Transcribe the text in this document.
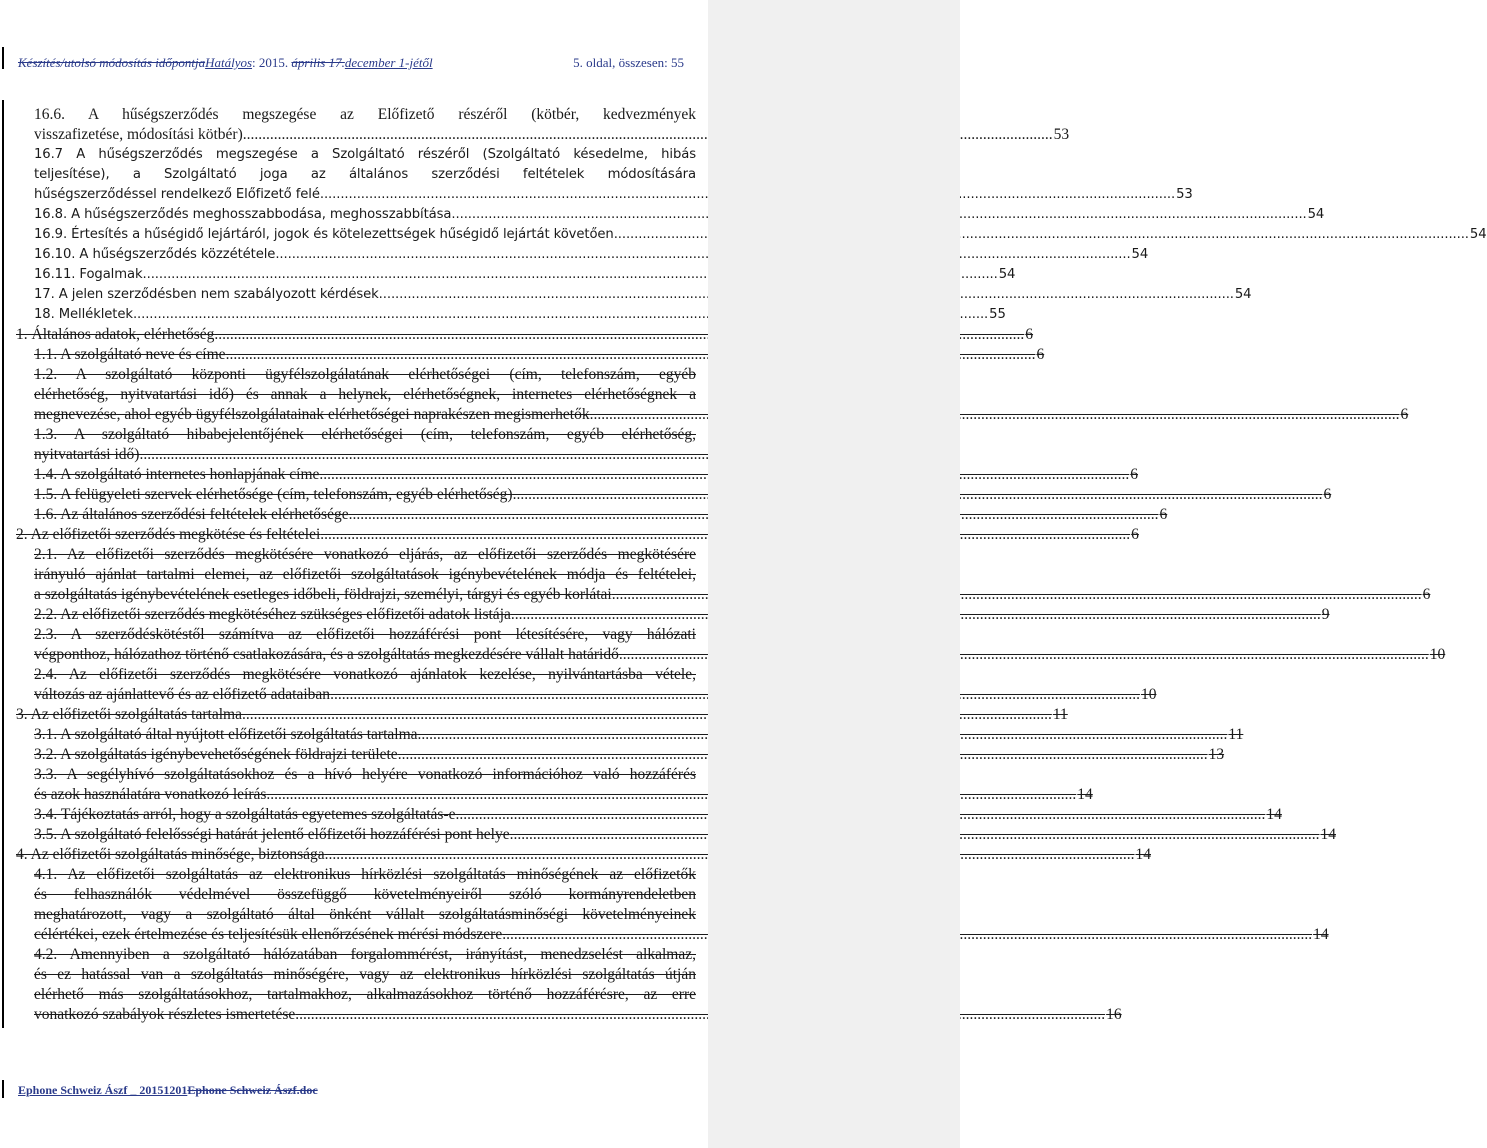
Készítés/utolsó módosítás időpontjaHatályos: 2015. április 17.december 1-jétől	5. oldal, összesen: 55
16.6. A hűségszerződés megszegése az Előfizető részéről (kötbér, kedvezmények
visszafizetése, módosítási kötbér) .....	53
16.7 A hűségszerződés megszegése a Szolgáltató részéről (Szolgáltató késedelme, hibás
teljesítése), a Szolgáltató joga az általános szerződési feltételek módosítására
hűségszerződéssel rendelkező Előfizető felé .....	53
16.8. A hűségszerződés meghosszabbodása, meghosszabbítása .....	54
16.9. Értesítés a hűségidő lejártáról, jogok és kötelezettségek hűségidő lejártát követően .....	54
16.10. A hűségszerződés közzététele .....	54
16.11. Fogalmak .....	54
17. A jelen szerződésben nem szabályozott kérdések .....	54
18. Mellékletek .....	55
1. Általános adatok, elérhetőség .....	6
1.1. A szolgáltató neve és címe .....	6
1.2. A szolgáltató központi ügyfélszolgálatának elérhetőségei (cím, telefonszám, egyéb
elérhetőség, nyitvatartási idő) és annak a helynek, elérhetőségnek, internetes elérhetőségnek a
megnevezése, ahol egyéb ügyfélszolgálatainak elérhetőségei naprakészen megismerhetők .....	6
1.3. A szolgáltató hibabejelentőjének elérhetőségei (cím, telefonszám, egyéb elérhetőség,
nyitvatartási idő)
.....
1.4. A szolgáltató internetes honlapjának címe .....	6
1.5. A felügyeleti szervek elérhetősége (cím, telefonszám, egyéb elérhetőség) .....	6
1.6. Az általános szerződési feltételek elérhetősége .....	6
2. Az előfizetői szerződés megkötése és feltételei .....	6
2.1. Az előfizetői szerződés megkötésére vonatkozó eljárás, az előfizetői szerződés megkötésére
irányuló ajánlat tartalmi elemei, az előfizetői szolgáltatások igénybevételének módja és feltételei,
a szolgáltatás igénybevételének esetleges időbeli, földrajzi, személyi, tárgyi és egyéb korlátai .....	6
2.2. Az előfizetői szerződés megkötéséhez szükséges előfizetői adatok listája .....	9
2.3. A szerződéskötéstől számítva az előfizetői hozzáférési pont létesítésére, vagy hálózati
végponthoz, hálózathoz történő csatlakozására, és a szolgáltatás megkezdésére vállalt határidő .....	10
2.4. Az előfizetői szerződés megkötésére vonatkozó ajánlatok kezelése, nyilvántartásba vétele,
változás az ajánlattevő és az előfizető adataiban .....	10
3. Az előfizetői szolgáltatás tartalma .....	11
3.1. A szolgáltató által nyújtott előfizetői szolgáltatás tartalma .....	11
3.2. A szolgáltatás igénybevehetőségének földrajzi területe .....	13
3.3. A segélyhívó szolgáltatásokhoz és a hívó helyére vonatkozó információhoz való hozzáférés
és azok használatára vonatkozó leírás .....	14
3.4. Tájékoztatás arról, hogy a szolgáltatás egyetemes szolgáltatás-e .....	14
3.5. A szolgáltató felelősségi határát jelentő előfizetői hozzáférési pont helye .....	14
4. Az előfizetői szolgáltatás minősége, biztonsága .....	14
4.1. Az előfizetői szolgáltatás az elektronikus hírközlési szolgáltatás minőségének az előfizetők
és felhasználók védelmével összefüggő követelményeiről szóló kormányrendeletben
meghatározott, vagy a szolgáltató által önként vállalt szolgáltatásminőségi követelményeinek
célértékei, ezek értelmezése és teljesítésük ellenőrzésének mérési módszere .....	14
4.2. Amennyiben a szolgáltató hálózatában forgalommérést, irányítást, menedzselést alkalmaz,
és ez hatással van a szolgáltatás minőségére, vagy az elektronikus hírközlési szolgáltatás útján
elérhető más szolgáltatásokhoz, tartalmakhoz, alkalmazásokhoz történő hozzáférésre, az erre
vonatkozó szabályok részletes ismertetése .....	16
Ephone Schweiz Ászf _ 20151201Ephone Schweiz Ászf.doc
